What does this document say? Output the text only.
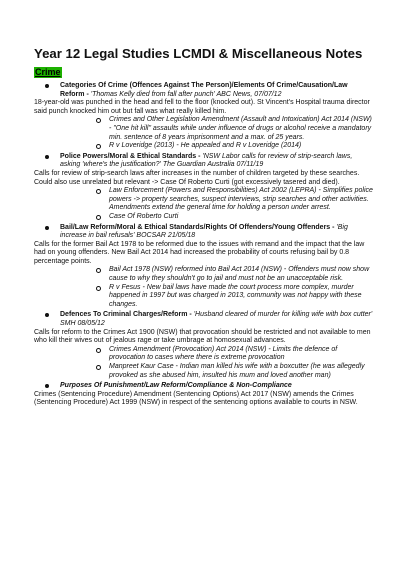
Year 12 Legal Studies LCMDI & Miscellaneous Notes
Crime
Categories Of Crime (Offences Against The Person)/Elements Of Crime/Causation/Law Reform - 'Thomas Kelly died from fall after punch' ABC News, 07/07/12

18-year-old was punched in the head and fell to the floor (knocked out). St Vincent's Hospital trauma director said punch knocked him out but fall was what really killed him.

Crimes and Other Legislation Amendment (Assault and Intoxication) Act 2014 (NSW) - "One hit kill" assaults while under influence of drugs or alcohol receive a mandatory min. sentence of 8 years imprisonment and a max. of 25 years.
R v Loveridge (2013) - He appealed and R v Loveridge (2014)
Police Powers/Moral & Ethical Standards - 'NSW Labor calls for review of strip-search laws, asking 'where's the justification?' The Guardian Australia 07/11/19

Calls for review of strip-search laws after increases in the number of children targeted by these searches. Could also use unrelated but relevant -> Case Of Roberto Curti (got excessively tasered and died).

Law Enforcement (Powers and Responsibilities) Act 2002 (LEPRA) - Simplifies police powers -> property searches, suspect interviews, strip searches and other activities. Amendments extend the general time for holding a person under arrest.
Case Of Roberto Curti
Bail/Law Reform/Moral & Ethical Standards/Rights Of Offenders/Young Offenders - 'Big increase in bail refusals' BOCSAR 21/05/18

Calls for the former Bail Act 1978 to be reformed due to the issues with remand and the impact that the law had on young offenders. New Bail Act 2014 had increased the probability of courts refusing bail by 0.8 percentage points.

Bail Act 1978 (NSW) reformed into Bail Act 2014 (NSW) - Offenders must now show cause to why they shouldn't go to jail and must not be an unacceptable risk.
R v Fesus - New bail laws have made the court process more complex, murder happened in 1997 but was charged in 2013, community was not happy with these changes.
Defences To Criminal Charges/Reform - 'Husband cleared of murder for killing wife with box cutter' SMH 08/05/12

Calls for reform to the Crimes Act 1900 (NSW) that provocation should be restricted and not available to men who kill their wives out of jealous rage or take umbrage at homosexual advances.

Crimes Amendment (Provocation) Act 2014 (NSW) - Limits the defence of provocation to cases where there is extreme provocation
Manpreet Kaur Case - Indian man killed his wife with a boxcutter (he was allegedly provoked as she abused him, insulted his mum and loved another man)
Purposes Of Punishment/Law Reform/Compliance & Non-Compliance

Crimes (Sentencing Procedure) Amendment (Sentencing Options) Act 2017 (NSW) amends the Crimes (Sentencing Procedure) Act 1999 (NSW) in respect of the sentencing options available to courts in NSW.
